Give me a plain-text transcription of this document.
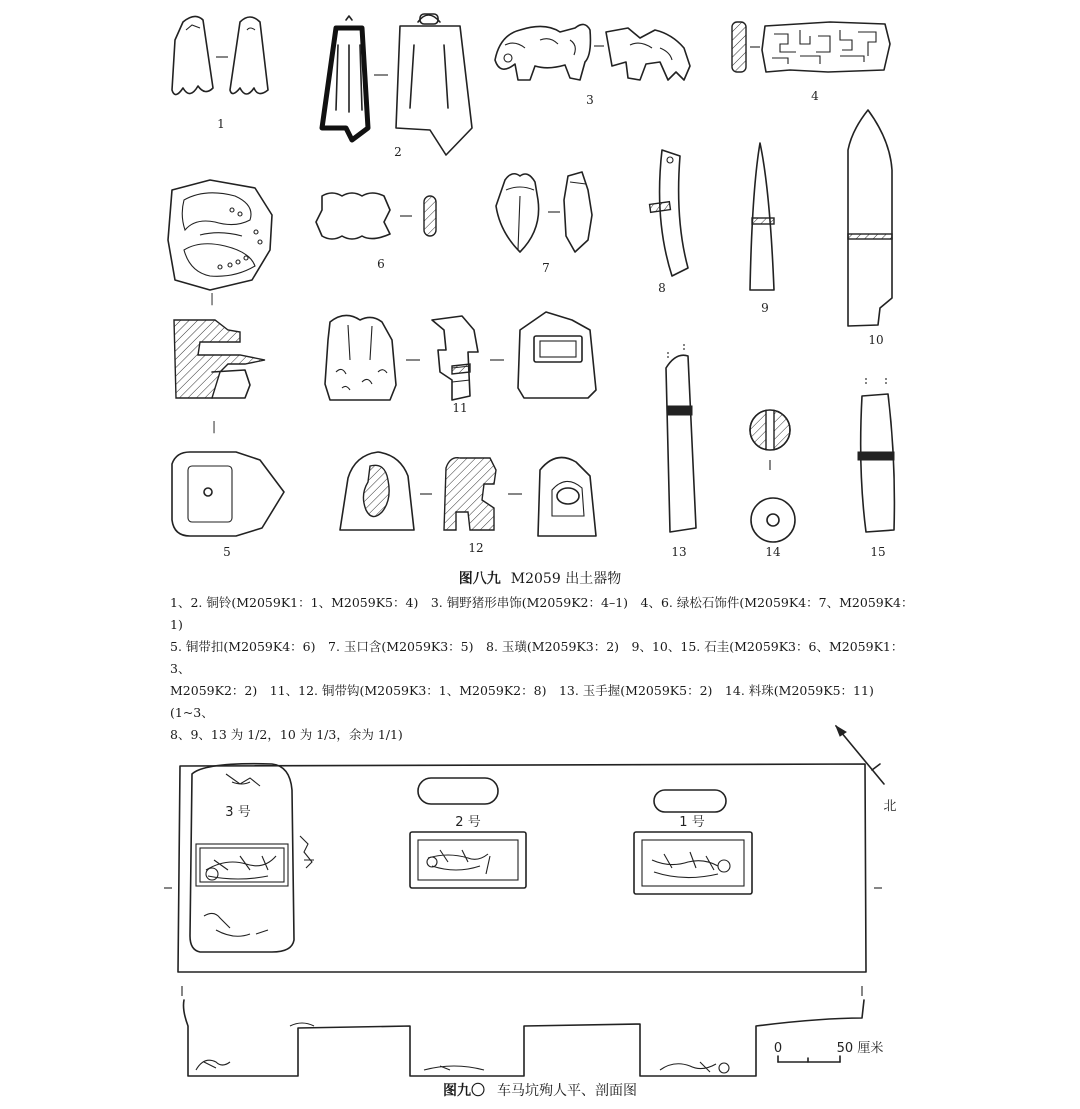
1
2
3	4
|
6	7
8
9
10
|
11
5	12	13	14	15
图八九 M2059 出土器物
1、2. 铜铃(M2059K1：1、M2059K5：4)　3. 铜野猪形串饰(M2059K2：4–1)　4、6. 绿松石饰件(M2059K4：7、M2059K4：1)
5. 铜带扣(M2059K4：6)　7. 玉口含(M2059K3：5)　8. 玉璜(M2059K3：2)　9、10、15. 石圭(M2059K3：6、M2059K1：3、
M2059K2：2)　11、12. 铜带钩(M2059K3：1、M2059K2：8)　13. 玉手握(M2059K5：2)　14. 料珠(M2059K5：11)　(1~3、
8、9、13 为 1/2，10 为 1/3，余为 1/1)
北
3 号
2 号	1 号
0	50 厘米
图九〇 车马坑殉人平、剖面图
